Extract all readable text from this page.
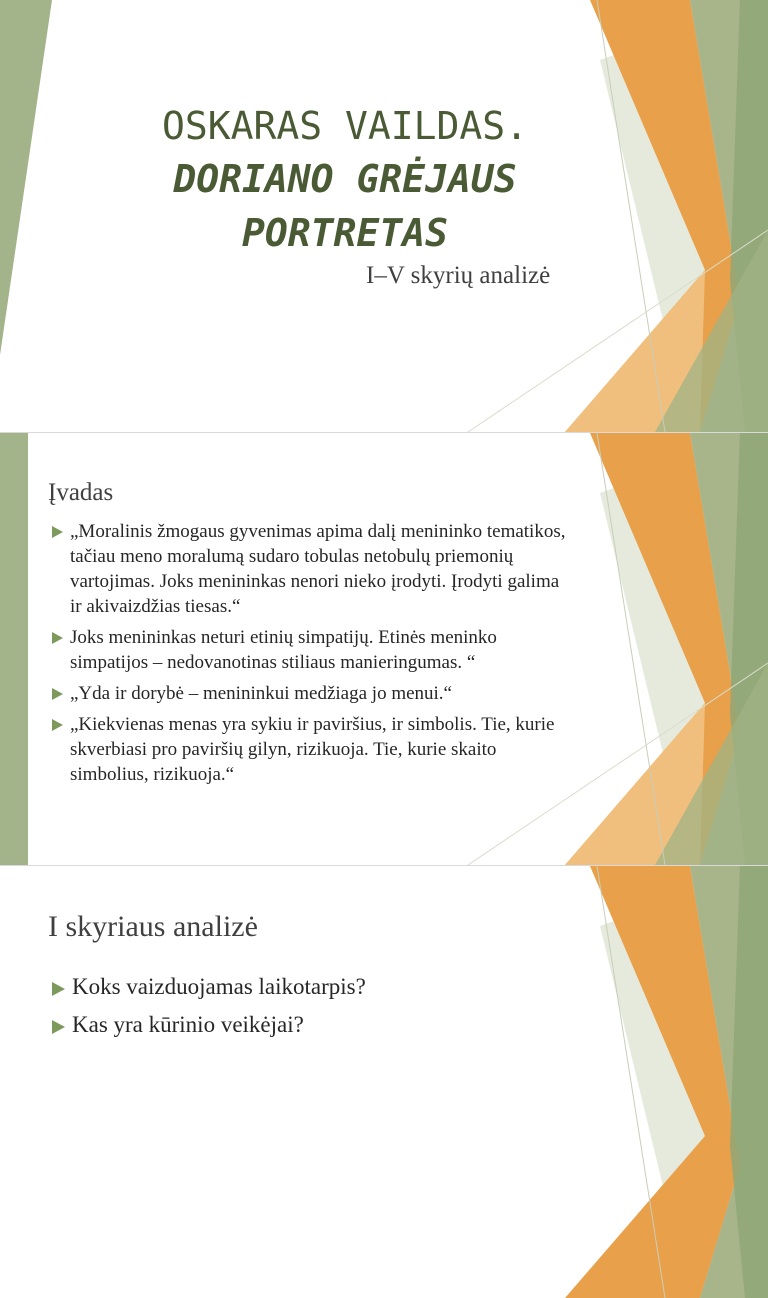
OSKARAS VAILDAS.
DORIANO GRĖJAUS
PORTRETAS
I–V skyrių analizė
Įvadas
„Moralinis žmogaus gyvenimas apima dalį menininko tematikos, tačiau meno moralumą sudaro tobulas netobulų priemonių vartojimas. Joks menininkas nenori nieko įrodyti. Įrodyti galima ir akivaizdžias tiesas.“
Joks menininkas neturi etinių simpatijų. Etinės meninko simpatijos – nedovanotinas stiliaus manieringumas. “
„Yda ir dorybė – menininkui medžiaga jo menui.“
„Kiekvienas menas yra sykiu ir paviršius, ir simbolis. Tie, kurie skverbiasi pro paviršių gilyn, rizikuoja. Tie, kurie skaito simbolius, rizikuoja.“
I skyriaus analizė
Koks vaizduojamas laikotarpis?
Kas yra kūrinio veikėjai?
